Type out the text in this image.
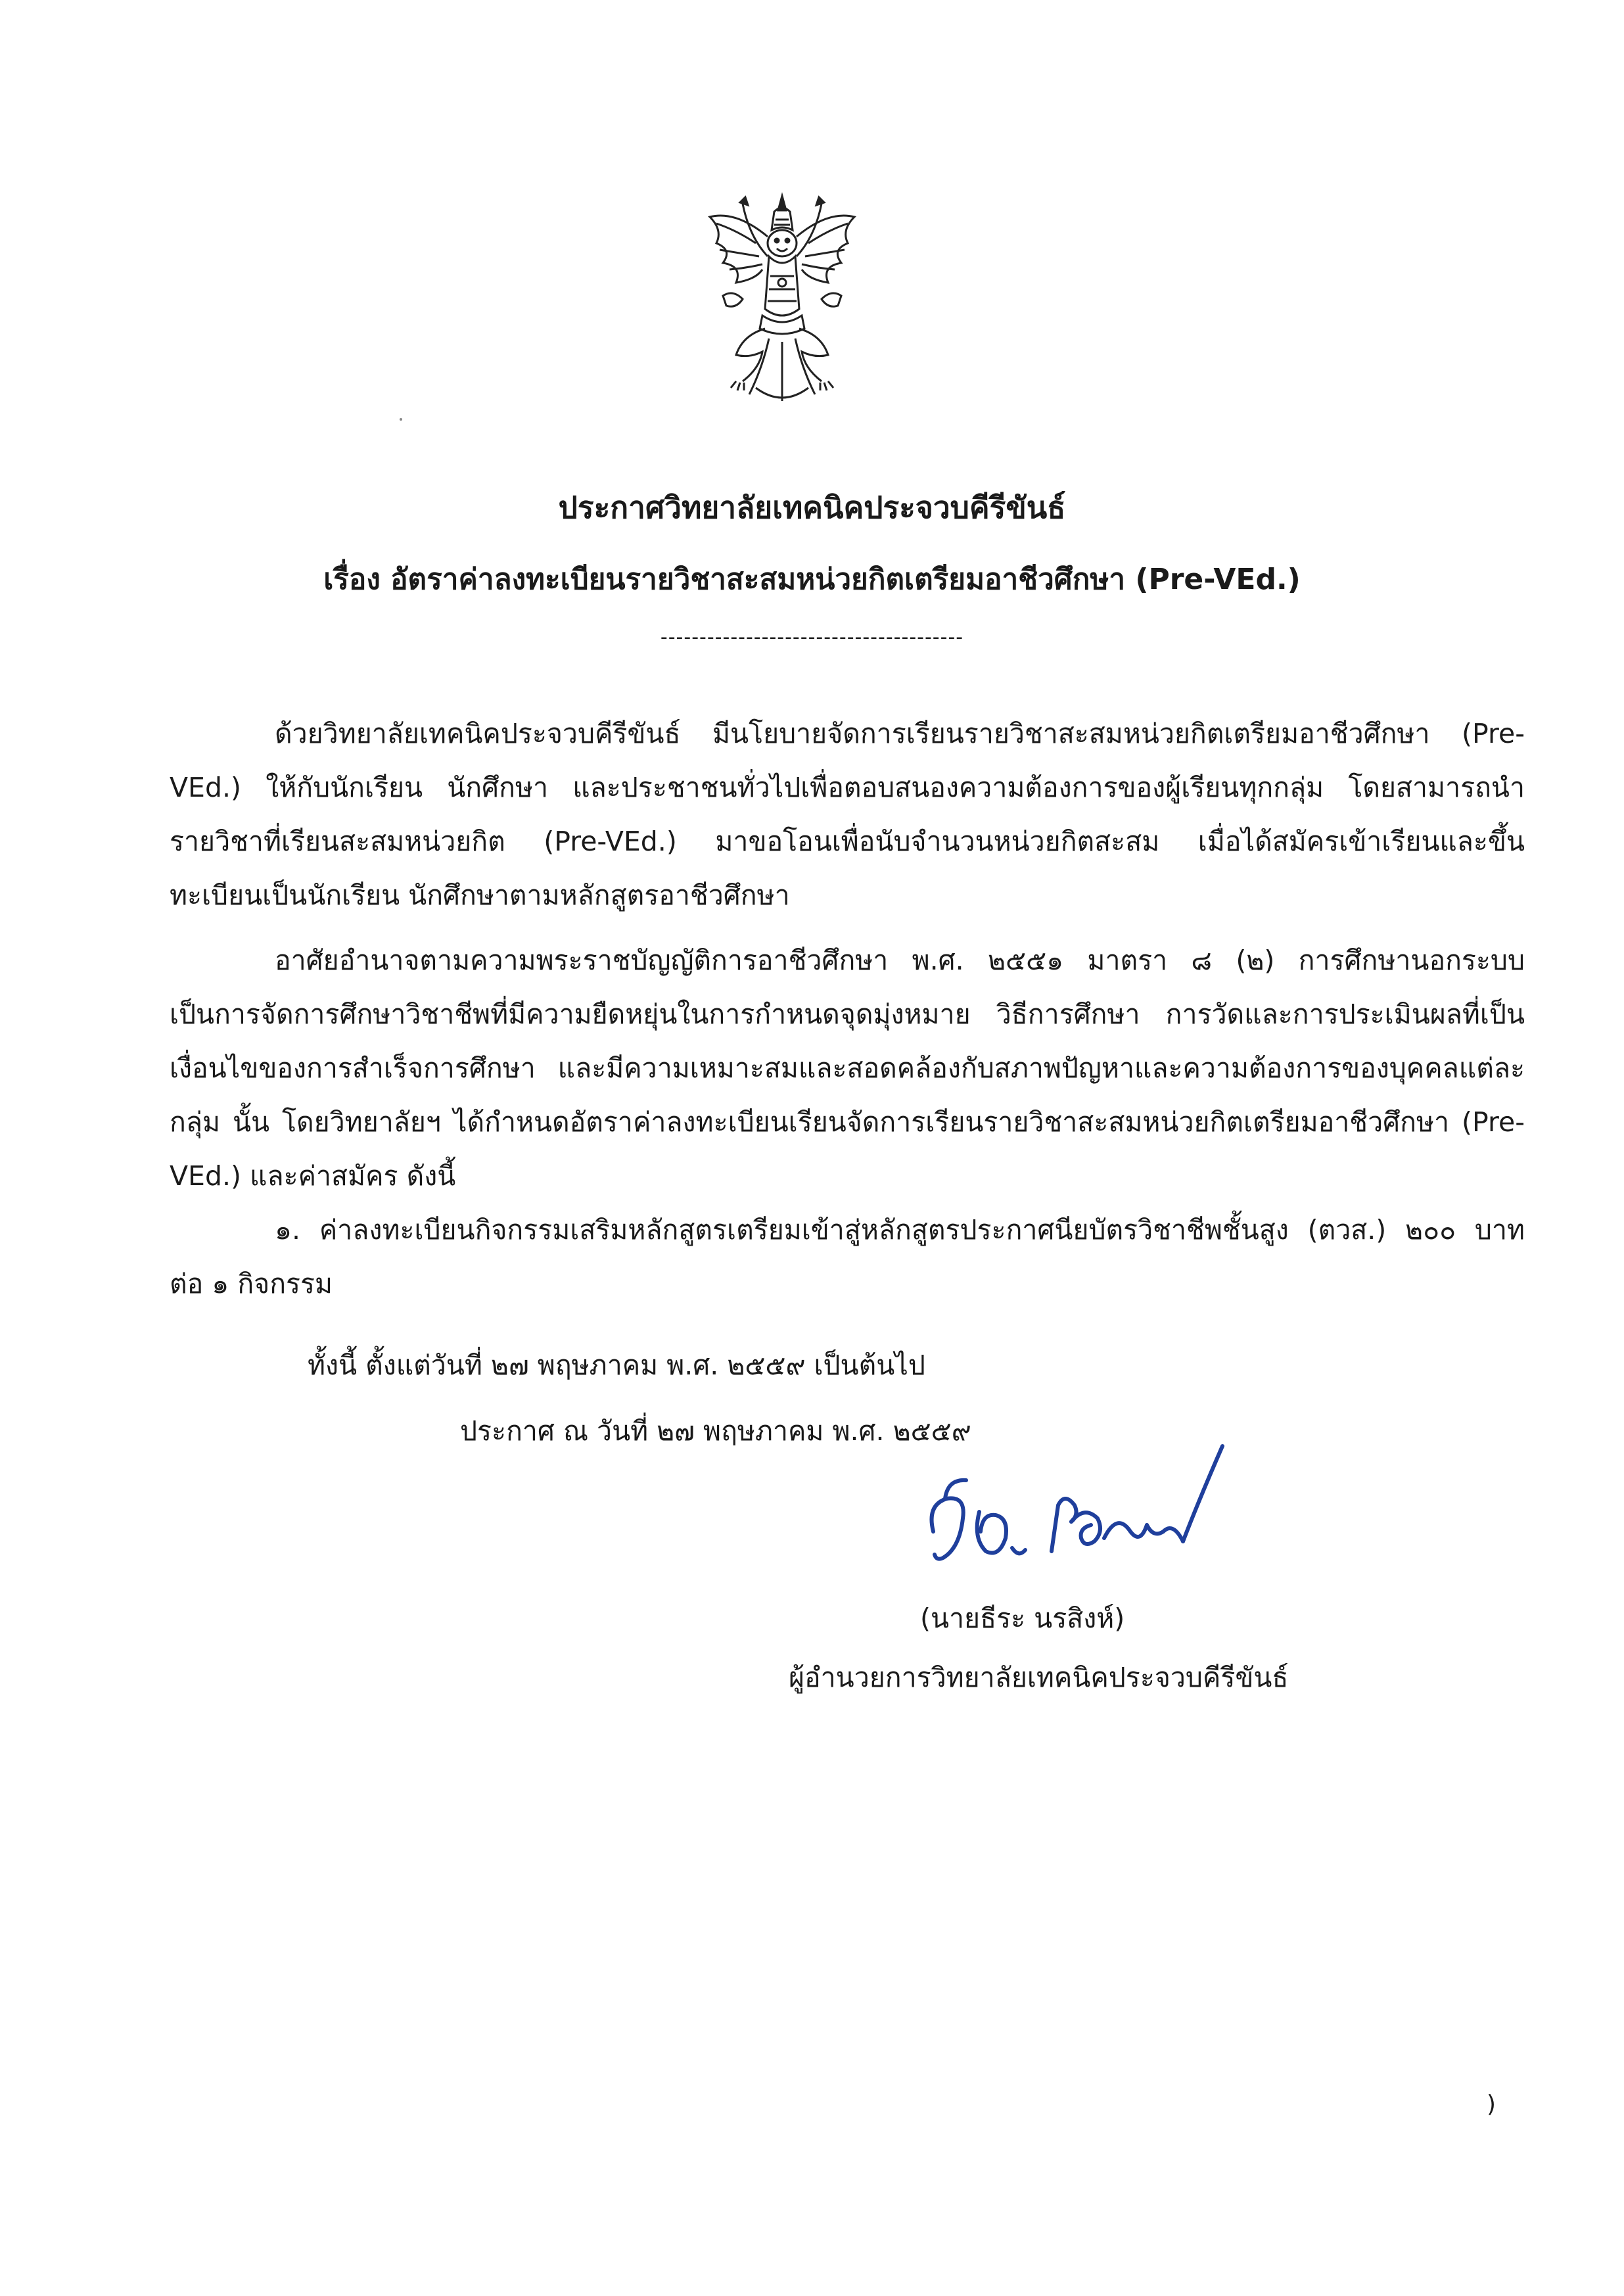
ประกาศวิทยาลัยเทคนิคประจวบคีรีขันธ์
เรื่อง อัตราค่าลงทะเบียนรายวิชาสะสมหน่วยกิตเตรียมอาชีวศึกษา (Pre-VEd.)
---------------------------------------
ด้วยวิทยาลัยเทคนิคประจวบคีรีขันธ์ มีนโยบายจัดการเรียนรายวิชาสะสมหน่วยกิตเตรียมอาชีวศึกษา (Pre-VEd.) ให้กับนักเรียน นักศึกษา และประชาชนทั่วไปเพื่อตอบสนองความต้องการของผู้เรียนทุกกลุ่ม โดยสามารถนำรายวิชาที่เรียนสะสมหน่วยกิต (Pre-VEd.) มาขอโอนเพื่อนับจำนวนหน่วยกิตสะสม เมื่อได้สมัครเข้าเรียนและขึ้นทะเบียนเป็นนักเรียน นักศึกษาตามหลักสูตรอาชีวศึกษา
อาศัยอำนาจตามความพระราชบัญญัติการอาชีวศึกษา พ.ศ. ๒๕๕๑ มาตรา ๘ (๒) การศึกษานอกระบบ เป็นการจัดการศึกษาวิชาชีพที่มีความยืดหยุ่นในการกำหนดจุดมุ่งหมาย วิธีการศึกษา การวัดและการประเมินผลที่เป็นเงื่อนไขของการสำเร็จการศึกษา และมีความเหมาะสมและสอดคล้องกับสภาพปัญหาและความต้องการของบุคคลแต่ละกลุ่ม นั้น โดยวิทยาลัยฯ ได้กำหนดอัตราค่าลงทะเบียนเรียนจัดการเรียนรายวิชาสะสมหน่วยกิตเตรียมอาชีวศึกษา (Pre-VEd.) และค่าสมัคร ดังนี้
๑. ค่าลงทะเบียนกิจกรรมเสริมหลักสูตรเตรียมเข้าสู่หลักสูตรประกาศนียบัตรวิชาชีพชั้นสูง (ตวส.) ๒๐๐ บาท ต่อ ๑ กิจกรรม
ทั้งนี้ ตั้งแต่วันที่ ๒๗ พฤษภาคม พ.ศ. ๒๕๕๙ เป็นต้นไป
ประกาศ ณ วันที่ ๒๗ พฤษภาคม พ.ศ. ๒๕๕๙
(นายธีระ นรสิงห์)
ผู้อำนวยการวิทยาลัยเทคนิคประจวบคีรีขันธ์
)
